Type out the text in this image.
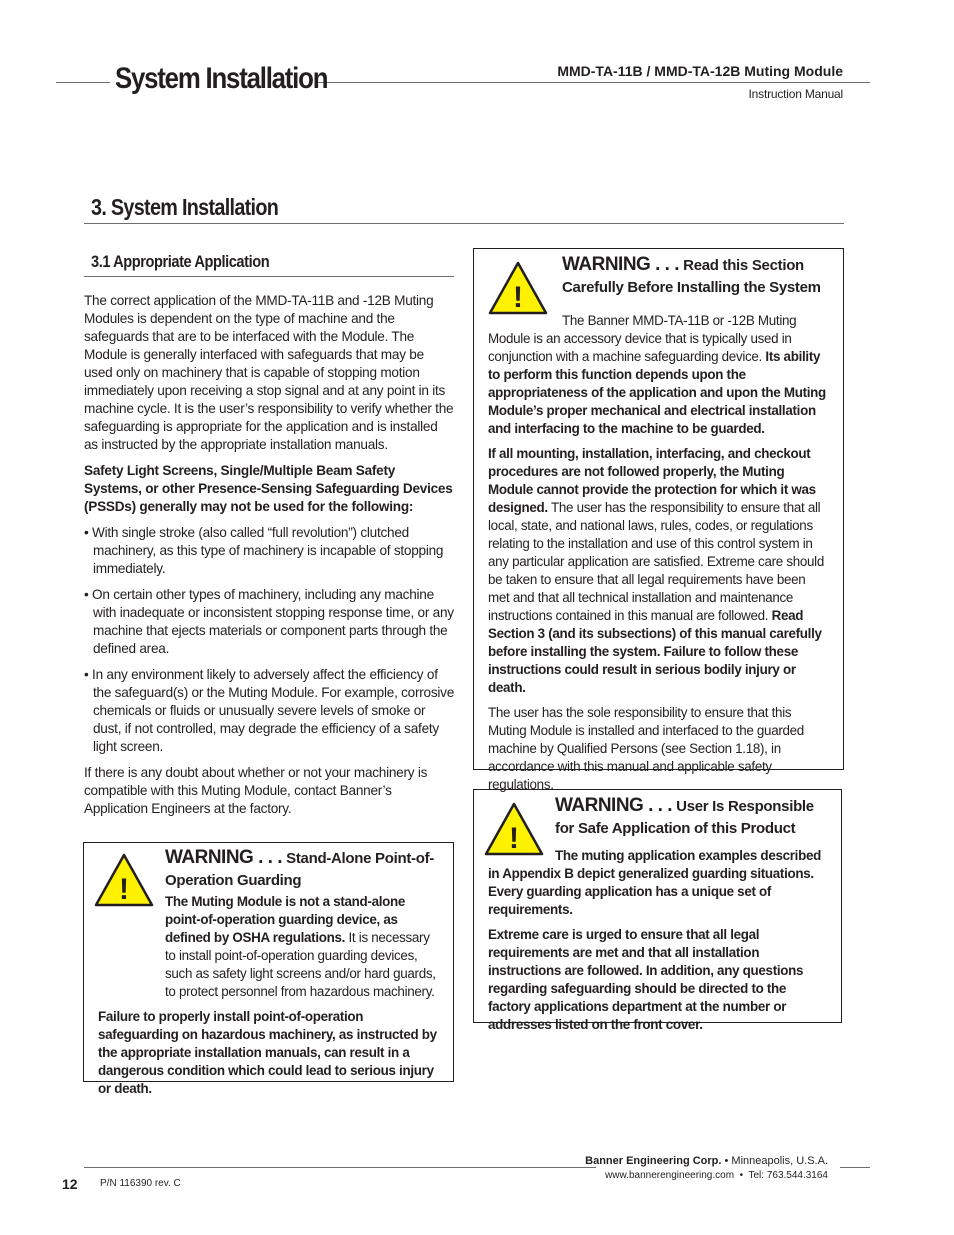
System Installation	MMD-TA-11B / MMD-TA-12B Muting Module
Instruction Manual
3. System Installation
3.1 Appropriate Application

The correct application of the MMD-TA-11B and -12B Muting Modules is dependent on the type of machine and the safeguards that are to be interfaced with the Module. The Module is generally interfaced with safeguards that may be used only on machinery that is capable of stopping motion immediately upon receiving a stop signal and at any point in its machine cycle. It is the user’s responsibility to verify whether the safeguarding is appropriate for the application and is installed as instructed by the appropriate installation manuals.

Safety Light Screens, Single/Multiple Beam Safety Systems, or other Presence-Sensing Safeguarding Devices (PSSDs) generally may not be used for the following:

• With single stroke (also called “full revolution”) clutched machinery, as this type of machinery is incapable of stopping immediately.

• On certain other types of machinery, including any machine with inadequate or inconsistent stopping response time, or any machine that ejects materials or component parts through the defined area.

• In any environment likely to adversely affect the efficiency of the safeguard(s) or the Muting Module. For example, corrosive chemicals or fluids or unusually severe levels of smoke or dust, if not controlled, may degrade the efficiency of a safety light screen.

If there is any doubt about whether or not your machinery is compatible with this Muting Module, contact Banner’s Application Engineers at the factory.

!
WARNING . . . Read this Section
Carefully Before Installing the System

The Banner MMD-TA-11B or -12B Muting Module is an accessory device that is typically used in conjunction with a machine safeguarding device. Its ability to perform this function depends upon the appropriateness of the application and upon the Muting Module’s proper mechanical and electrical installation and interfacing to the machine to be guarded.

If all mounting, installation, interfacing, and checkout procedures are not followed properly, the Muting Module cannot provide the protection for which it was designed. The user has the responsibility to ensure that all local, state, and national laws, rules, codes, or regulations relating to the installation and use of this control system in any particular application are satisfied. Extreme care should be taken to ensure that all legal requirements have been met and that all technical installation and maintenance instructions contained in this manual are followed. Read Section 3 (and its subsections) of this manual carefully before installing the system. Failure to follow these instructions could result in serious bodily injury or death.

The user has the sole responsibility to ensure that this Muting Module is installed and interfaced to the guarded machine by Qualified Persons (see Section 1.18), in accordance with this manual and applicable safety regulations.

!
WARNING . . . User Is Responsible
for Safe Application of this Product

The muting application examples described in Appendix B depict generalized guarding situations. Every guarding application has a unique set of requirements.

Extreme care is urged to ensure that all legal requirements are met and that all installation instructions are followed. In addition, any questions regarding safeguarding should be directed to the factory applications department at the number or addresses listed on the front cover.

!
WARNING . . . Stand-Alone Point-of-
Operation Guarding

The Muting Module is not a stand-alone point-of-operation guarding device, as defined by OSHA regulations. It is necessary to install point-of-operation guarding devices, such as safety light screens and/or hard guards, to protect personnel from hazardous machinery.

Failure to properly install point-of-operation safeguarding on hazardous machinery, as instructed by the appropriate installation manuals, can result in a dangerous condition which could lead to serious injury or death.

12 P/N 116390 rev. C
Banner Engineering Corp. • Minneapolis, U.S.A.
www.bannerengineering.com  •  Tel: 763.544.3164
